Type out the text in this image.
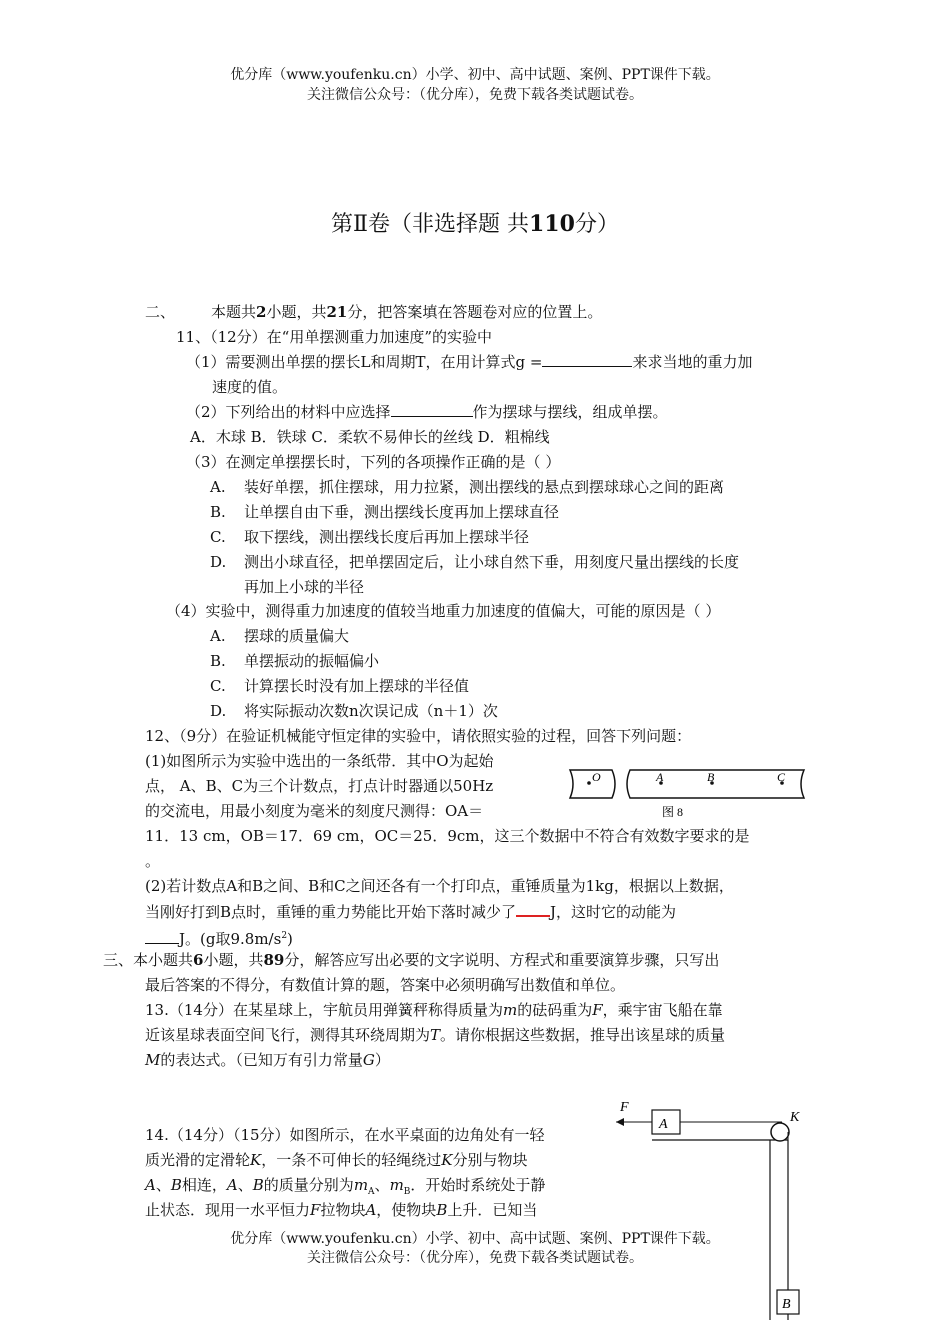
优分库（www.youfenku.cn）小学、初中、高中试题、案例、PPT课件下载。
关注微信公众号：（优分库），免费下载各类试题试卷。
第Ⅱ卷（非选择题 共110分）
二、 本题共2小题，共21分，把答案填在答题卷对应的位置上。
11、（12分）在“用单摆测重力加速度”的实验中
（1）需要测出单摆的摆长L和周期T，在用计算式g =	来求当地的重力加
速度的值。
（2）下列给出的材料中应选择	作为摆球与摆线，组成单摆。
A．木球 B．铁球 C．柔软不易伸长的丝线 D．粗棉线
（3）在测定单摆摆长时，下列的各项操作正确的是（ ）
A. 装好单摆，抓住摆球，用力拉紧，测出摆线的悬点到摆球球心之间的距离
B. 让单摆自由下垂，测出摆线长度再加上摆球直径
C. 取下摆线，测出摆线长度后再加上摆球半径
D. 测出小球直径，把单摆固定后，让小球自然下垂，用刻度尺量出摆线的长度
再加上小球的半径
（4）实验中，测得重力加速度的值较当地重力加速度的值偏大，可能的原因是（ ）
A. 摆球的质量偏大
B. 单摆振动的振幅偏小
C. 计算摆长时没有加上摆球的半径值
D. 将实际振动次数n次误记成（n＋1）次
12、（9分）在验证机械能守恒定律的实验中，请依照实验的过程，回答下列问题：
(1)如图所示为实验中选出的一条纸带．其中O为起始
点， A、B、C为三个计数点，打点计时器通以50Hz
的交流电，用最小刻度为毫米的刻度尺测得：OA＝
11．13 cm，OB＝17．69 cm，OC＝25．9cm，这三个数据中不符合有效数字要求的是
。
(2)若计数点A和B之间、B和C之间还各有一个打印点，重锤质量为1kg，根据以上数据，
当刚好打到B点时，重锤的重力势能比开始下落时减少了 J，这时它的动能为
J。(g取$9.8m/s^2$)
O	A	B	C
图 8
三、本小题共6小题，共89分，解答应写出必要的文字说明、方程式和重要演算步骤，只写出
最后答案的不得分，有数值计算的题，答案中必须明确写出数值和单位。
13.（14分）在某星球上，宇航员用弹簧秤称得质量为m的砝码重为F，乘宇宙飞船在靠
近该星球表面空间飞行，测得其环绕周期为T。请你根据这些数据，推导出该星球的质量
M的表达式。（已知万有引力常量G）
14.（14分）（15分）如图所示，在水平桌面的边角处有一轻
质光滑的定滑轮K，一条不可伸长的轻绳绕过K分别与物块
A、B相连，A、B的质量分别为$m_A$、$m_B$．开始时系统处于静
止状态．现用一水平恒力F拉物块A，使物块B上升．已知当
A
F
K
B
优分库（www.youfenku.cn）小学、初中、高中试题、案例、PPT课件下载。
关注微信公众号：（优分库），免费下载各类试题试卷。
